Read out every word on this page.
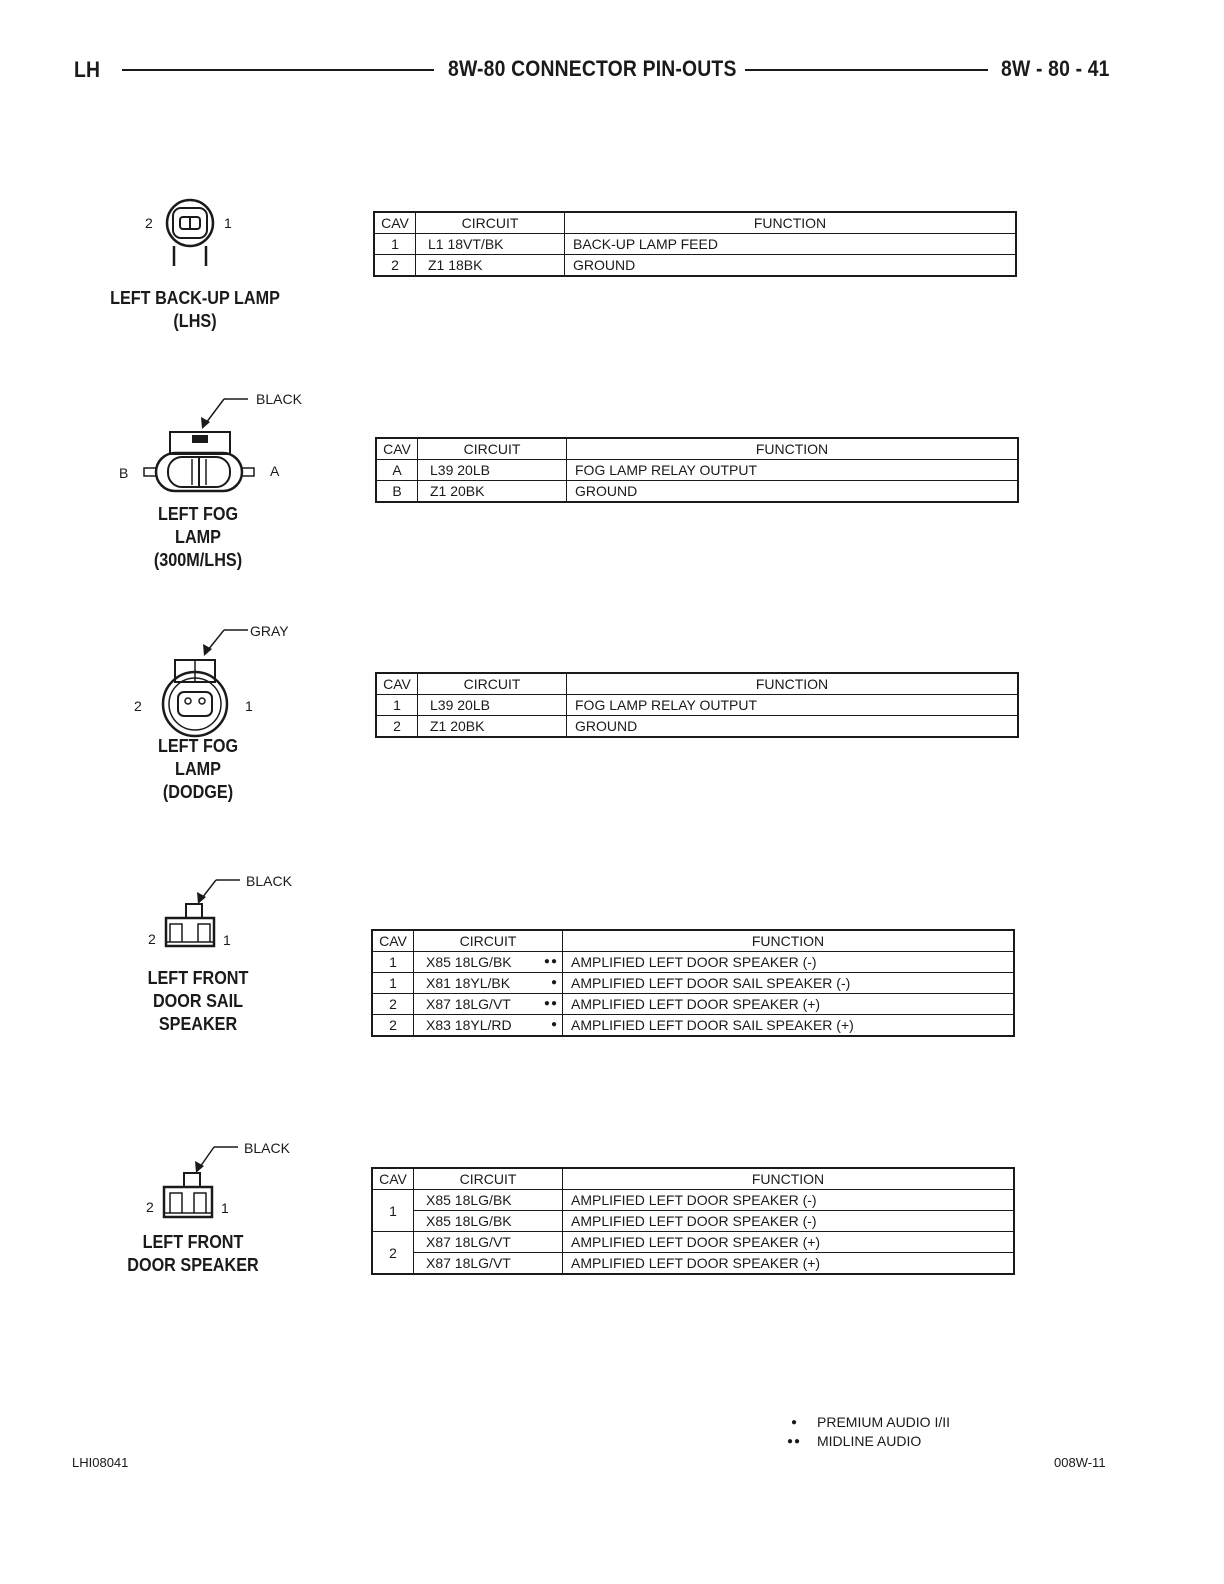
LH	8W-80 CONNECTOR PIN-OUTS	8W - 80 - 41
2	1
LEFT BACK-UP LAMP
(LHS)
CAV	CIRCUIT	FUNCTION
1	L1 18VT/BK	BACK-UP LAMP FEED
2	Z1 18BK	GROUND
BLACK
B	A
LEFT FOG
LAMP
(300M/LHS)
CAV	CIRCUIT	FUNCTION
A	L39 20LB	FOG LAMP RELAY OUTPUT
B	Z1 20BK	GROUND
GRAY
2	1
LEFT FOG
LAMP
(DODGE)
CAV	CIRCUIT	FUNCTION
1	L39 20LB	FOG LAMP RELAY OUTPUT
2	Z1 20BK	GROUND
BLACK
2	1
LEFT FRONT
DOOR SAIL
SPEAKER
CAV	CIRCUIT	FUNCTION
1	X85 18LG/BK ●●	AMPLIFIED LEFT DOOR SPEAKER (-)
1	X81 18YL/BK ●	AMPLIFIED LEFT DOOR SAIL SPEAKER (-)
2	X87 18LG/VT ●●	AMPLIFIED LEFT DOOR SPEAKER (+)
2	X83 18YL/RD ●	AMPLIFIED LEFT DOOR SAIL SPEAKER (+)
BLACK
2	1
LEFT FRONT
DOOR SPEAKER
CAV	CIRCUIT	FUNCTION
1	X85 18LG/BK	AMPLIFIED LEFT DOOR SPEAKER (-)
	X85 18LG/BK	AMPLIFIED LEFT DOOR SPEAKER (-)
2	X87 18LG/VT	AMPLIFIED LEFT DOOR SPEAKER (+)
	X87 18LG/VT	AMPLIFIED LEFT DOOR SPEAKER (+)
●	PREMIUM AUDIO I/II
●● MIDLINE AUDIO
LHI08041	008W-11
